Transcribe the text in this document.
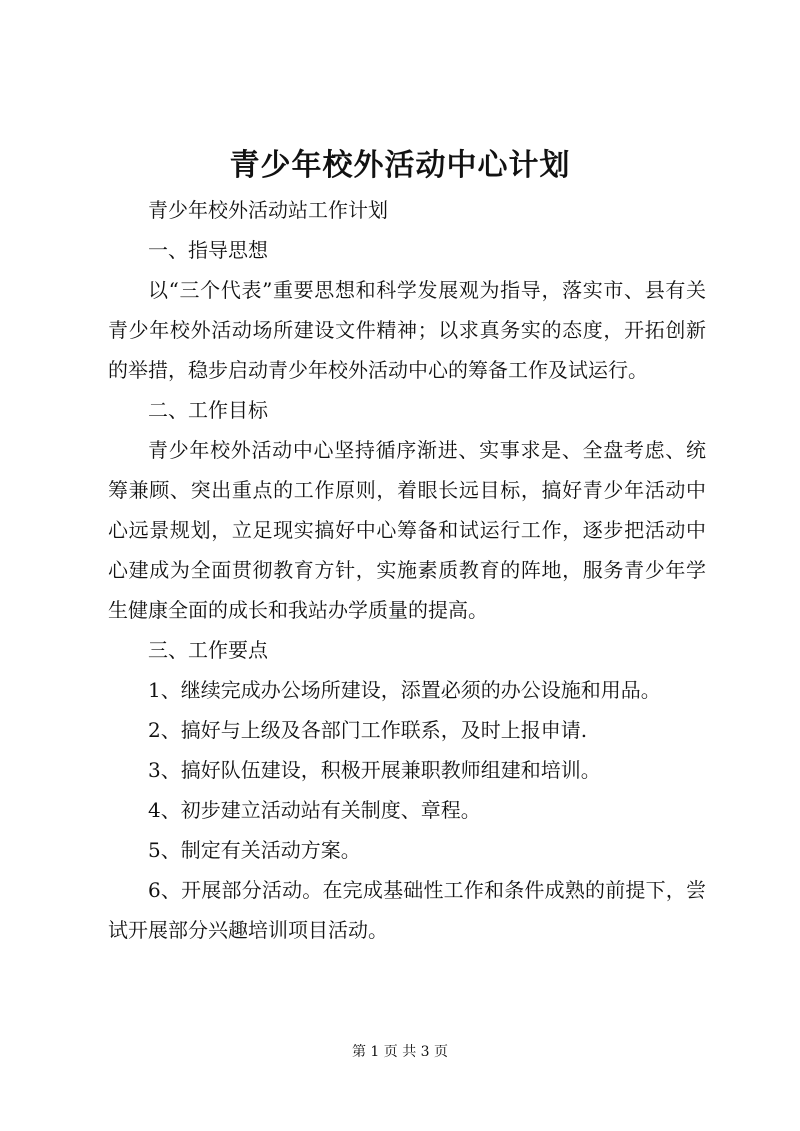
青少年校外活动中心计划

青少年校外活动站工作计划

一、指导思想

以“三个代表”重要思想和科学发展观为指导，落实市、县有关青少年校外活动场所建设文件精神；以求真务实的态度，开拓创新的举措，稳步启动青少年校外活动中心的筹备工作及试运行。

二、工作目标

青少年校外活动中心坚持循序渐进、实事求是、全盘考虑、统筹兼顾、突出重点的工作原则，着眼长远目标，搞好青少年活动中心远景规划，立足现实搞好中心筹备和试运行工作，逐步把活动中心建成为全面贯彻教育方针，实施素质教育的阵地，服务青少年学生健康全面的成长和我站办学质量的提高。

三、工作要点

1、继续完成办公场所建设，添置必须的办公设施和用品。

2、搞好与上级及各部门工作联系，及时上报申请.

3、搞好队伍建设，积极开展兼职教师组建和培训。

4、初步建立活动站有关制度、章程。

5、制定有关活动方案。

6、开展部分活动。在完成基础性工作和条件成熟的前提下，尝试开展部分兴趣培训项目活动。

第 1 页 共 3 页
